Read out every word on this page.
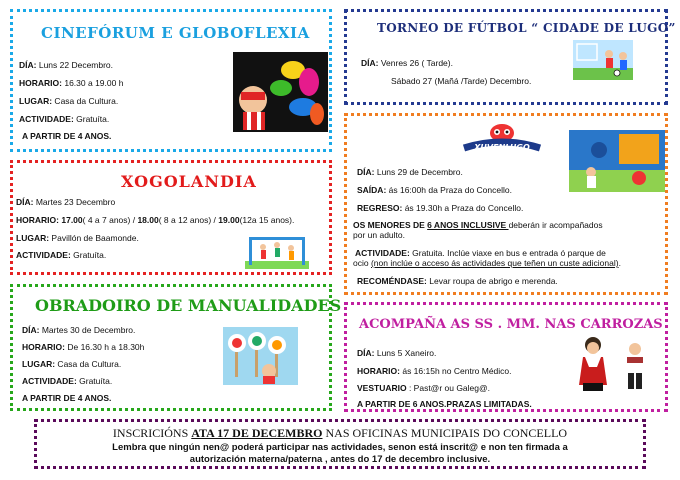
CINEFÓRUM E GLOBOFLEXIA
DÍA: Luns 22 Decembro.
HORARIO: 16.30 a 19.00 h
LUGAR: Casa da Cultura.
ACTIVIDADE: Gratuíta.
A PARTIR DE 4 ANOS.
XOGOLANDIA
DÍA: Martes 23 Decembro
HORARIO: 17.00( 4 a 7 anos) / 18.00( 8 a 12 anos) / 19.00(12a 15 anos).
LUGAR: Pavillón de Baamonde.
ACTIVIDADE: Gratuíta.
OBRADOIRO DE MANUALIDADES
DÍA: Martes 30 de Decembro.
HORARIO: De 16.30 h a 18.30h
LUGAR: Casa da Cultura.
ACTIVIDADE: Gratuíta.
A PARTIR DE 4 ANOS.
TORNEO DE FÚTBOL “ CIDADE DE LUGO”
DÍA: Venres 26 ( Tarde).
Sábado 27 (Mañá /Tarde) Decembro.
XUVENLUGO
DÍA: Luns 29 de Decembro.
SAÍDA: ás 16:00h da Praza do Concello.
REGRESO: ás 19.30h a Praza do Concello.
OS MENORES DE 6 ANOS INCLUSIVE deberán ir acompañados
por un adulto.
ACTIVIDADE: Gratuita. Inclúe viaxe en bus e entrada ó parque de
ocio (non inclúe o acceso ás actividades que teñen un custe adicional).
RECOMÉNDASE: Levar roupa de abrigo e merenda.
ACOMPAÑA AS SS . MM. NAS CARROZAS
DÍA: Luns 5 Xaneiro.
HORARIO: ás 16:15h no Centro Médico.
VESTUARIO : Past@r ou Galeg@.
A PARTIR DE 6 ANOS.PRAZAS LIMITADAS.
INSCRICIÓNS ATA 17 DE DECEMBRO NAS OFICINAS MUNICIPAIS DO CONCELLO
Lembra que ningún nen@ poderá participar nas actividades, senon está inscrit@ e non ten firmada a
autorización materna/paterna , antes do 17 de decembro inclusive.
